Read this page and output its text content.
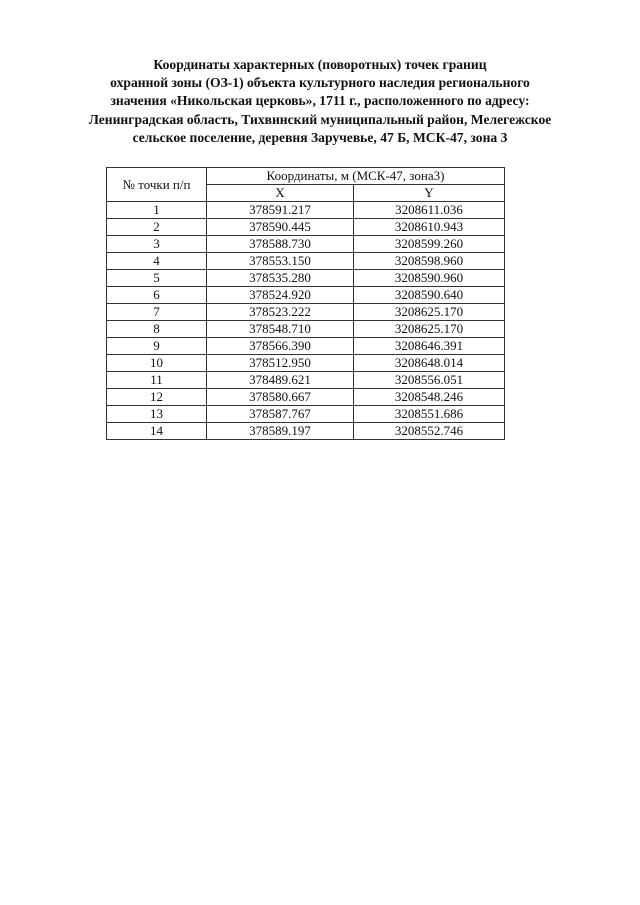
Координаты характерных (поворотных) точек границ
охранной зоны (ОЗ-1) объекта культурного наследия регионального
значения «Никольская церковь», 1711 г., расположенного по адресу:
Ленинградская область, Тихвинский муниципальный район, Мелегежское
сельское поселение, деревня Заручевье, 47 Б, МСК-47, зона 3
№ точки п/п	Координаты, м (МСК-47, зона3)	
	X	Y
1	378591.217	3208611.036
2	378590.445	3208610.943
3	378588.730	3208599.260
4	378553.150	3208598.960
5	378535.280	3208590.960
6	378524.920	3208590.640
7	378523.222	3208625.170
8	378548.710	3208625.170
9	378566.390	3208646.391
10	378512.950	3208648.014
11	378489.621	3208556.051
12	378580.667	3208548.246
13	378587.767	3208551.686
14	378589.197	3208552.746
